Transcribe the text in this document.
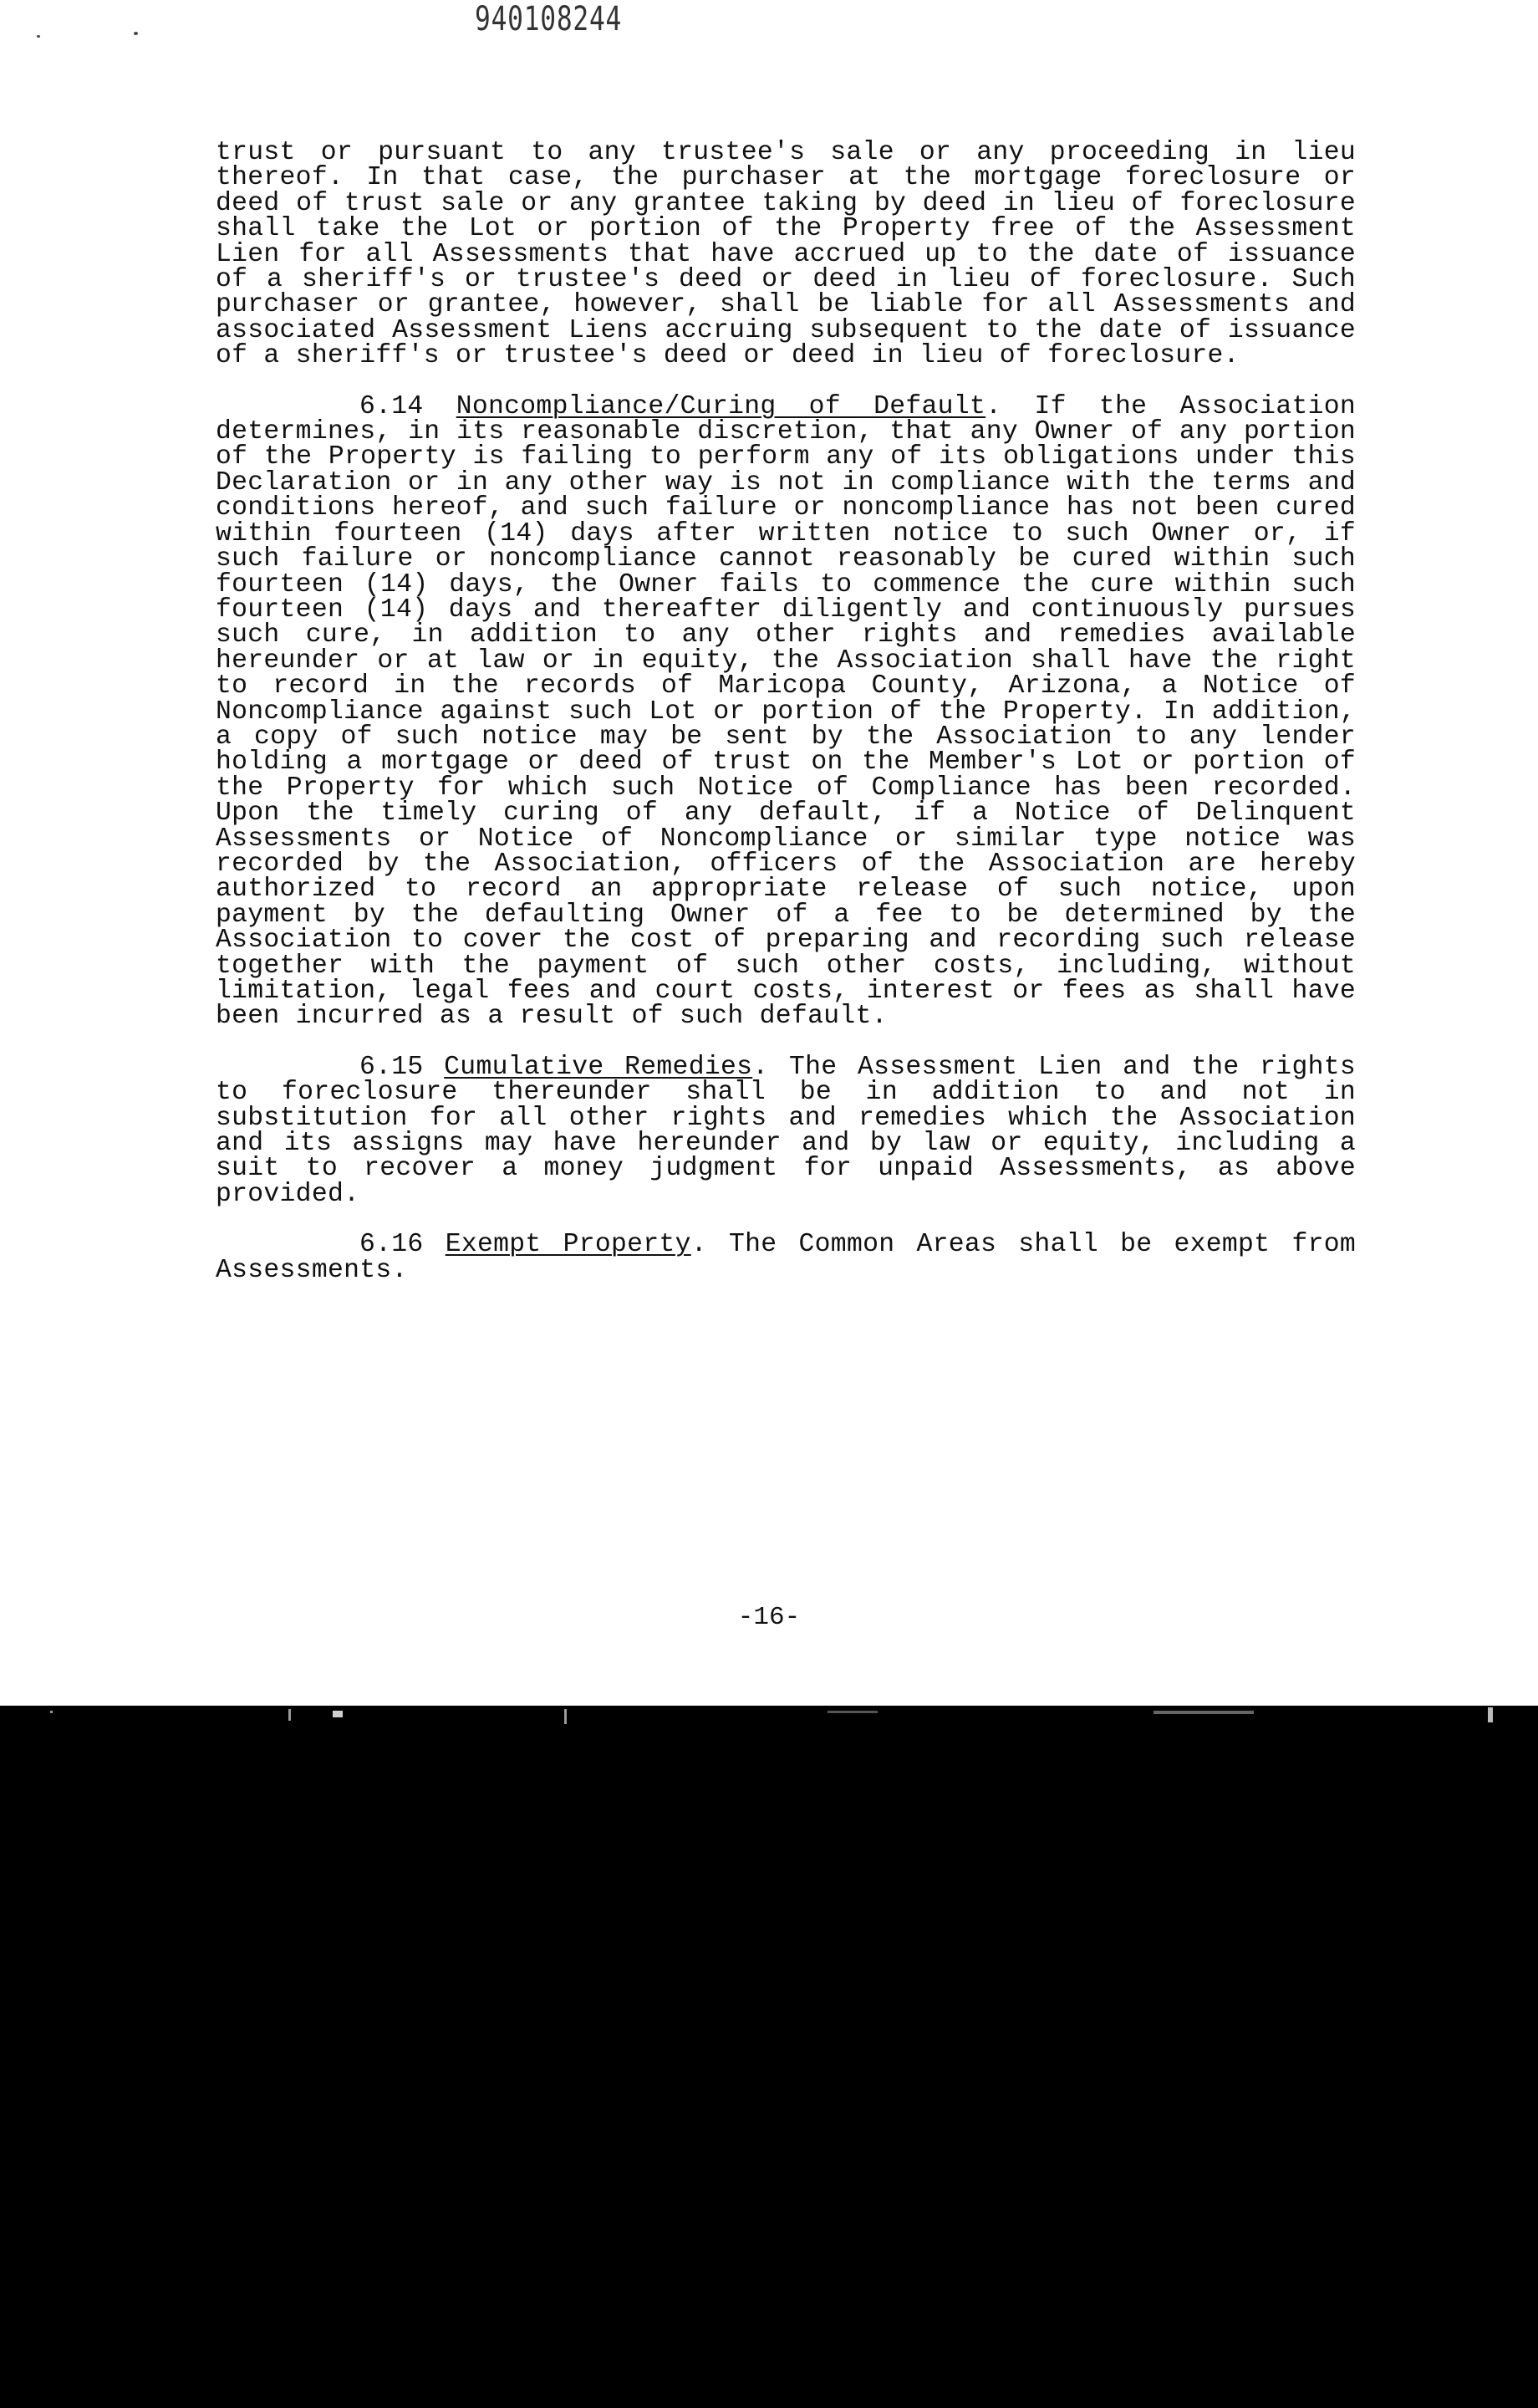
940108244

trust or pursuant to any trustee's sale or any proceeding in lieu thereof. In that case, the purchaser at the mortgage foreclosure or deed of trust sale or any grantee taking by deed in lieu of foreclosure shall take the Lot or portion of the Property free of the Assessment Lien for all Assessments that have accrued up to the date of issuance of a sheriff's or trustee's deed or deed in lieu of foreclosure. Such purchaser or grantee, however, shall be liable for all Assessments and associated Assessment Liens accruing subsequent to the date of issuance of a sheriff's or trustee's deed or deed in lieu of foreclosure.

6.14 Noncompliance/Curing of Default. If the Association determines, in its reasonable discretion, that any Owner of any portion of the Property is failing to perform any of its obligations under this Declaration or in any other way is not in compliance with the terms and conditions hereof, and such failure or noncompliance has not been cured within fourteen (14) days after written notice to such Owner or, if such failure or noncompliance cannot reasonably be cured within such fourteen (14) days, the Owner fails to commence the cure within such fourteen (14) days and thereafter diligently and continuously pursues such cure, in addition to any other rights and remedies available hereunder or at law or in equity, the Association shall have the right to record in the records of Maricopa County, Arizona, a Notice of Noncompliance against such Lot or portion of the Property. In addition, a copy of such notice may be sent by the Association to any lender holding a mortgage or deed of trust on the Member's Lot or portion of the Property for which such Notice of Compliance has been recorded. Upon the timely curing of any default, if a Notice of Delinquent Assessments or Notice of Noncompliance or similar type notice was recorded by the Association, officers of the Association are hereby authorized to record an appropriate release of such notice, upon payment by the defaulting Owner of a fee to be determined by the Association to cover the cost of preparing and recording such release together with the payment of such other costs, including, without limitation, legal fees and court costs, interest or fees as shall have been incurred as a result of such default.

6.15 Cumulative Remedies. The Assessment Lien and the rights to foreclosure thereunder shall be in addition to and not in substitution for all other rights and remedies which the Association and its assigns may have hereunder and by law or equity, including a suit to recover a money judgment for unpaid Assessments, as above provided.

6.16 Exempt Property. The Common Areas shall be exempt from Assessments.

-16-
